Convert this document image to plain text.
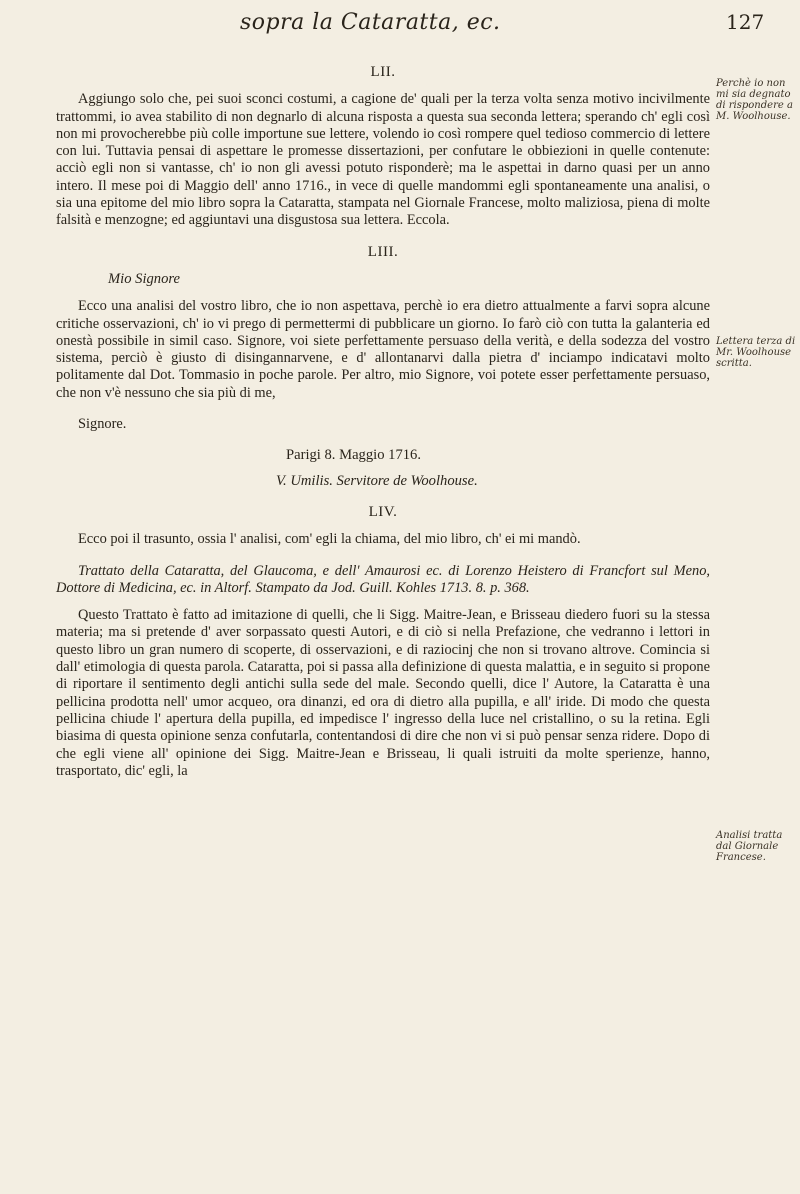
sopra la Cataratta, ec.	127
LII.

Aggiungo solo che, pei suoi sconci costumi, a cagione de' quali per la terza volta senza motivo incivilmente trattommi, io avea stabilito di non degnarlo di alcuna risposta a questa sua seconda lettera; sperando ch' egli così non mi provocherebbe più colle importune sue lettere, volendo io così rompere quel tedioso commercio di lettere con lui. Tuttavia pensai di aspettare le promesse dissertazioni, per confutare le obbiezioni in quelle contenute: acciò egli non si vantasse, ch' io non gli avessi potuto risponderè; ma le aspettai in darno quasi per un anno intero. Il mese poi di Maggio dell' anno 1716., in vece di quelle mandommi egli spontaneamente una analisi, o sia una epitome del mio libro sopra la Cataratta, stampata nel Giornale Francese, molto maliziosa, piena di molte falsità e menzogne; ed aggiuntavi una disgustosa sua lettera. Eccola.

LIII.
Mio Signore

Ecco una analisi del vostro libro, che io non aspettava, perchè io era dietro attualmente a farvi sopra alcune critiche osservazioni, ch' io vi prego di permettermi di pubblicare un giorno. Io farò ciò con tutta la galanteria ed onestà possibile in simil caso. Signore, voi siete perfettamente persuaso della verità, e della sodezza del vostro sistema, perciò è giusto di disingannarvene, e d' allontanarvi dalla pietra d' inciampo indicatavi molto politamente dal Dot. Tommasio in poche parole. Per altro, mio Signore, voi potete esser perfettamente persuaso, che non v'è nessuno che sia più di me,

Signore.
Parigi 8. Maggio 1716.
V. Umilis. Servitore de Woolhouse.
LIV.

Ecco poi il trasunto, ossia l' analisi, com' egli la chiama, del mio libro, ch' ei mi mandò.

Trattato della Cataratta, del Glaucoma, e dell' Amaurosi ec. di Lorenzo Heistero di Francfort sul Meno, Dottore di Medicina, ec. in Altorf. Stampato da Jod. Guill. Kohles 1713. 8. p. 368.

Questo Trattato è fatto ad imitazione di quelli, che li Sigg. Maitre-Jean, e Brisseau diedero fuori su la stessa materia; ma si pretende d' aver sorpassato questi Autori, e di ciò si nella Prefazione, che vedranno i lettori in questo libro un gran numero di scoperte, di osservazioni, e di raziocinj che non si trovano altrove. Comincia si dall' etimologia di questa parola. Cataratta, poi si passa alla definizione di questa malattia, e in seguito si propone di riportare il sentimento degli antichi sulla sede del male. Secondo quelli, dice l' Autore, la Cataratta è una pellicina prodotta nell' umor acqueo, ora dinanzi, ed ora di dietro alla pupilla, e all' iride. Di modo che questa pellicina chiude l' apertura della pupilla, ed impedisce l' ingresso della luce nel cristallino, o su la retina. Egli biasima di questa opinione senza confutarla, contentandosi di dire che non vi si può pensar senza ridere. Dopo di che egli viene all' opinione dei Sigg. Maitre-Jean e Brisseau, li quali istruiti da molte sperienze, hanno, trasportato, dic' egli, la

Perchè io non mi sia degnato di rispondere a M. Woolhouse.
Lettera terza di Mr. Woolhouse scritta.
Analisi tratta dal Giornale Francese.
